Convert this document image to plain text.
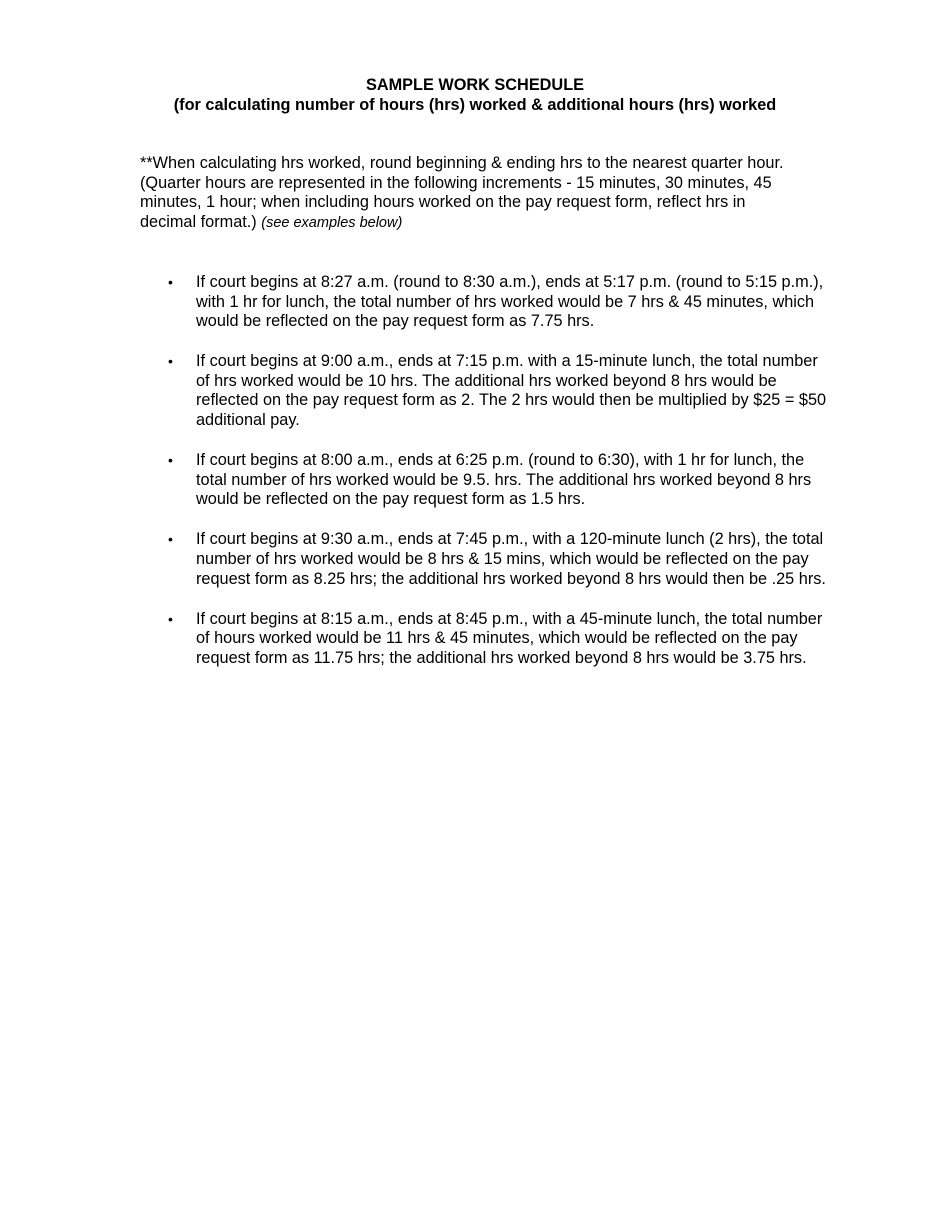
SAMPLE WORK SCHEDULE
(for calculating number of hours (hrs) worked & additional hours (hrs) worked
**When calculating hrs worked, round beginning & ending hrs to the nearest quarter hour. (Quarter hours are represented in the following increments - 15 minutes, 30 minutes, 45 minutes, 1 hour; when including hours worked on the pay request form, reflect hrs in decimal format.) (see examples below)
• If court begins at 8:27 a.m. (round to 8:30 a.m.), ends at 5:17 p.m. (round to 5:15 p.m.), with 1 hr for lunch, the total number of hrs worked would be 7 hrs & 45 minutes, which would be reflected on the pay request form as 7.75 hrs.
• If court begins at 9:00 a.m., ends at 7:15 p.m. with a 15-minute lunch, the total number of hrs worked would be 10 hrs. The additional hrs worked beyond 8 hrs would be reflected on the pay request form as 2. The 2 hrs would then be multiplied by $25 = $50 additional pay.
• If court begins at 8:00 a.m., ends at 6:25 p.m. (round to 6:30), with 1 hr for lunch, the total number of hrs worked would be 9.5. hrs. The additional hrs worked beyond 8 hrs would be reflected on the pay request form as 1.5 hrs.
• If court begins at 9:30 a.m., ends at 7:45 p.m., with a 120-minute lunch (2 hrs), the total number of hrs worked would be 8 hrs & 15 mins, which would be reflected on the pay request form as 8.25 hrs; the additional hrs worked beyond 8 hrs would then be .25 hrs.
• If court begins at 8:15 a.m., ends at 8:45 p.m., with a 45-minute lunch, the total number of hours worked would be 11 hrs & 45 minutes, which would be reflected on the pay request form as 11.75 hrs; the additional hrs worked beyond 8 hrs would be 3.75 hrs.
